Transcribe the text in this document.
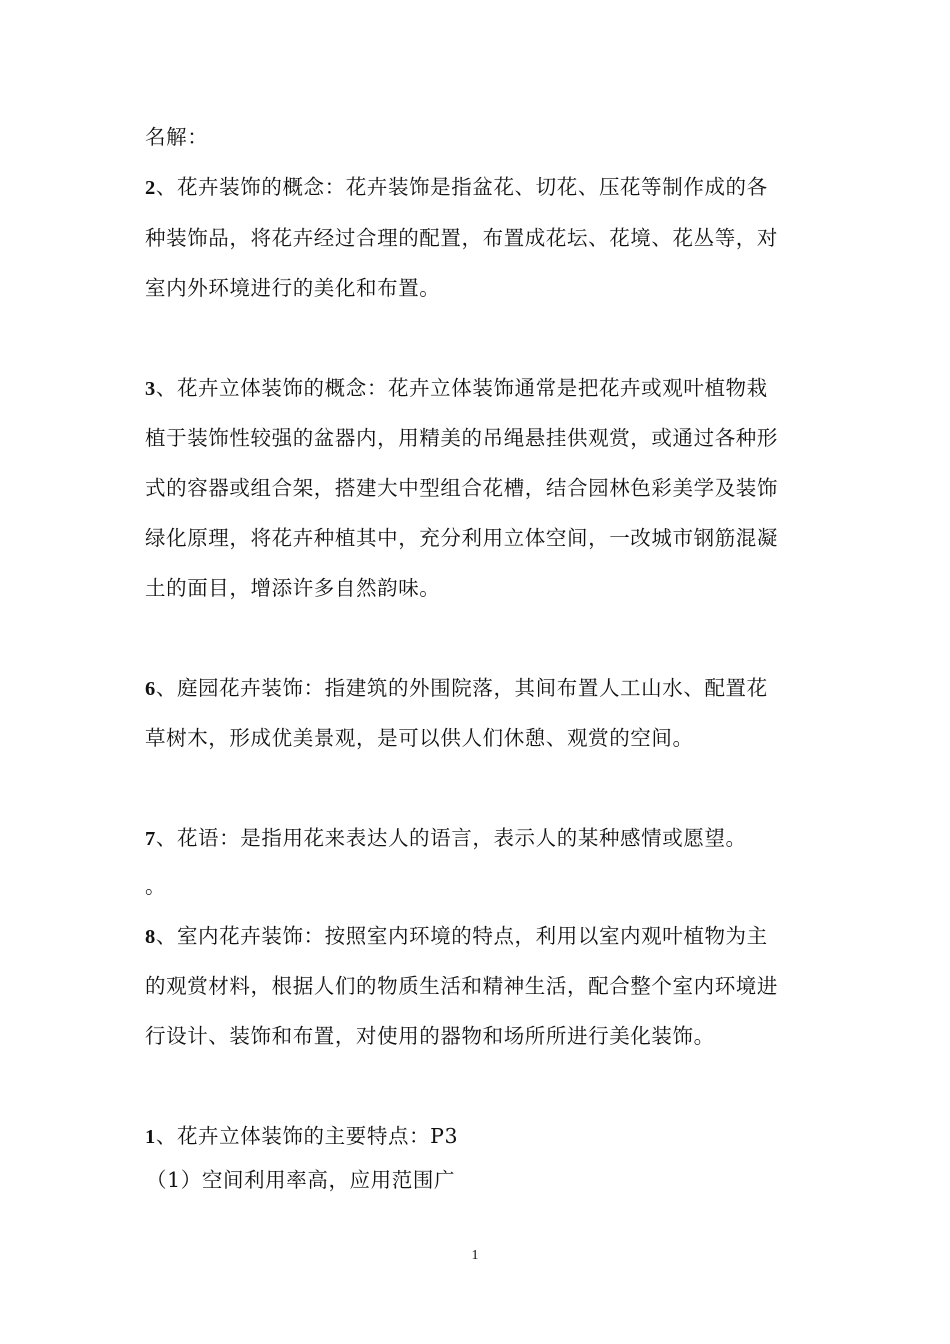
名解：
2、花卉装饰的概念：花卉装饰是指盆花、切花、压花等制作成的各
种装饰品，将花卉经过合理的配置，布置成花坛、花境、花丛等，对
室内外环境进行的美化和布置。
3、花卉立体装饰的概念：花卉立体装饰通常是把花卉或观叶植物栽
植于装饰性较强的盆器内，用精美的吊绳悬挂供观赏，或通过各种形
式的容器或组合架，搭建大中型组合花槽，结合园林色彩美学及装饰
绿化原理，将花卉种植其中，充分利用立体空间，一改城市钢筋混凝
土的面目，增添许多自然韵味。
6、庭园花卉装饰：指建筑的外围院落，其间布置人工山水、配置花
草树木，形成优美景观，是可以供人们休憩、观赏的空间。
7、花语：是指用花来表达人的语言，表示人的某种感情或愿望。
。
8、室内花卉装饰：按照室内环境的特点，利用以室内观叶植物为主
的观赏材料，根据人们的物质生活和精神生活，配合整个室内环境进
行设计、装饰和布置，对使用的器物和场所所进行美化装饰。
1、花卉立体装饰的主要特点：P3
（1）空间利用率高，应用范围广
1
